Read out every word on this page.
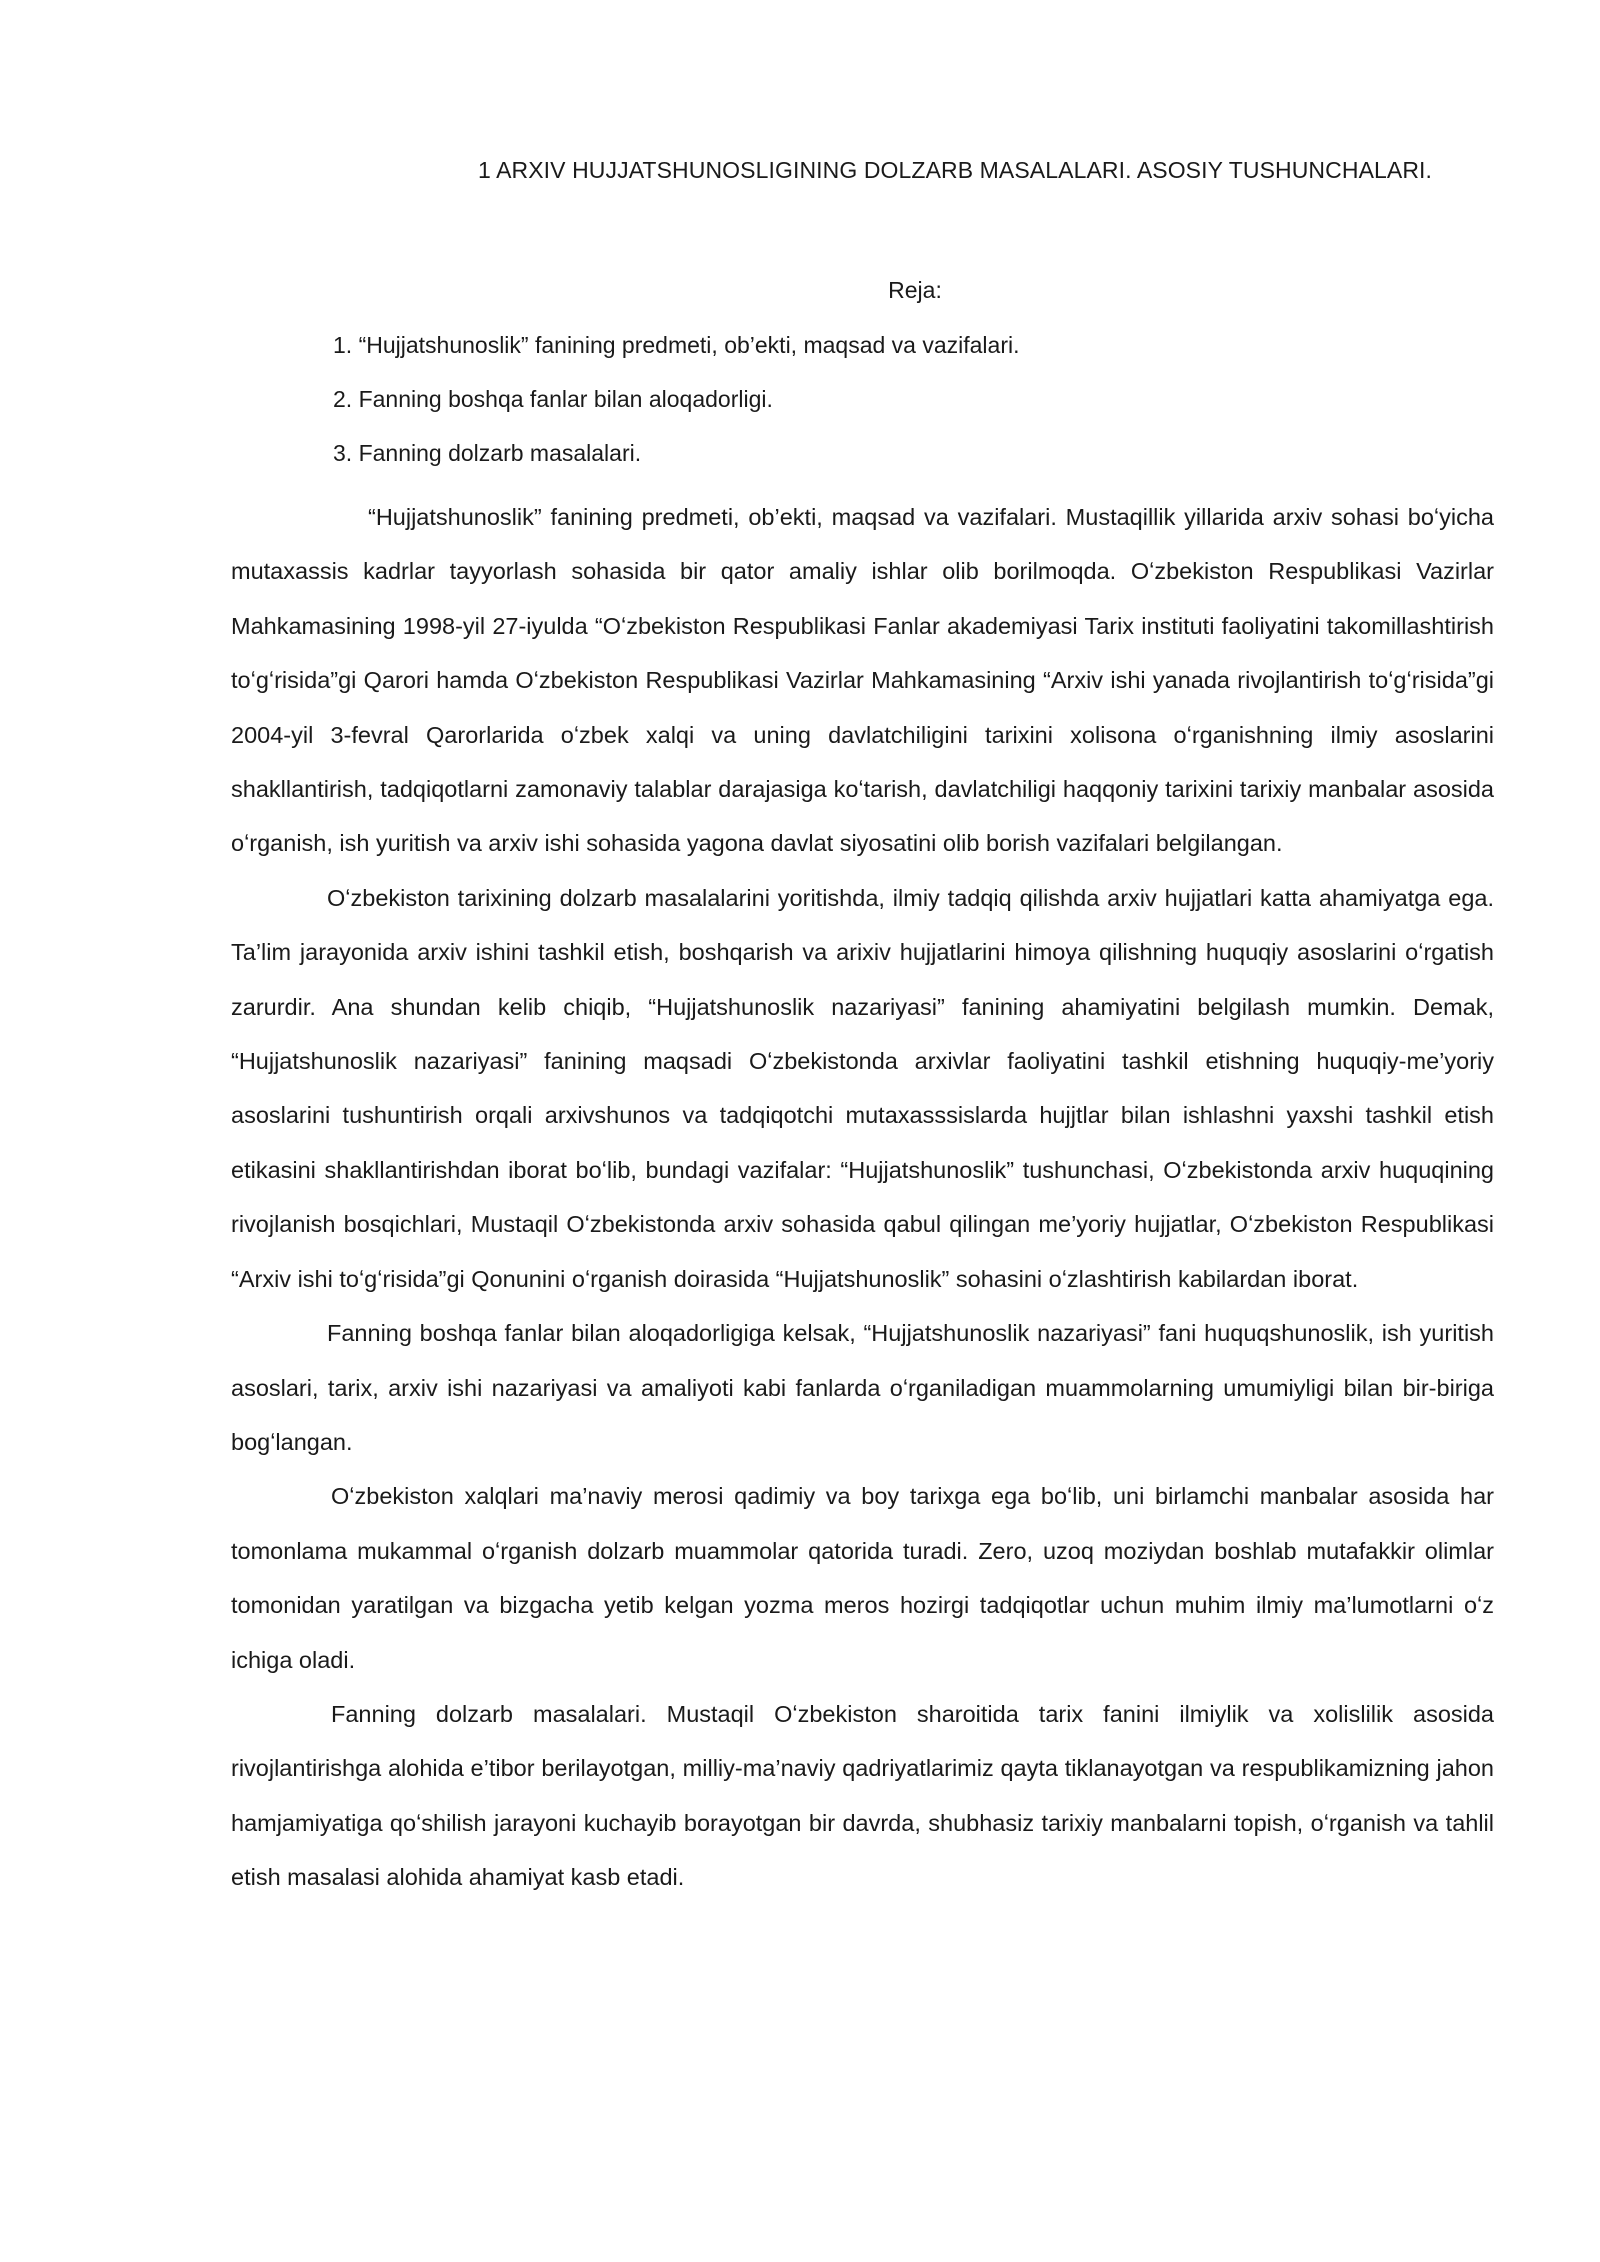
1 ARXIV HUJJATSHUNOSLIGINING DOLZARB MASALALARI. ASOSIY TUSHUNCHALARI.
Reja:
1. “Hujjatshunoslik” fanining predmeti, ob’ekti, maqsad va vazifalari.
2. Fanning boshqa fanlar bilan aloqadorligi.
3. Fanning dolzarb masalalari.

“Hujjatshunoslik” fanining predmeti, ob’ekti, maqsad va vazifalari. Mustaqillik yillarida arxiv sohasi boʻyicha mutaxassis kadrlar tayyorlash sohasida bir qator amaliy ishlar olib borilmoqda. Oʻzbekiston Respublikasi Vazirlar Mahkamasining 1998-yil 27-iyulda “Oʻzbekiston Respublikasi Fanlar akademiyasi Tarix instituti faoliyatini takomillashtirish toʻgʻrisida”gi Qarori hamda Oʻzbekiston Respublikasi Vazirlar Mahkamasining “Arxiv ishi yanada rivojlantirish toʻgʻrisida”gi 2004-yil 3-fevral Qarorlarida oʻzbek xalqi va uning davlatchiligini tarixini xolisona oʻrganishning ilmiy asoslarini shakllantirish, tadqiqotlarni zamonaviy talablar darajasiga koʻtarish, davlatchiligi haqqoniy tarixini tarixiy manbalar asosida oʻrganish, ish yuritish va arxiv ishi sohasida yagona davlat siyosatini olib borish vazifalari belgilangan.

Oʻzbekiston tarixining dolzarb masalalarini yoritishda, ilmiy tadqiq qilishda arxiv hujjatlari katta ahamiyatga ega. Ta’lim jarayonida arxiv ishini tashkil etish, boshqarish va arixiv hujjatlarini himoya qilishning huquqiy asoslarini oʻrgatish zarurdir. Ana shundan kelib chiqib, “Hujjatshunoslik nazariyasi” fanining ahamiyatini belgilash mumkin. Demak, “Hujjatshunoslik nazariyasi” fanining maqsadi Oʻzbekistonda arxivlar faoliyatini tashkil etishning huquqiy-me’yoriy asoslarini tushuntirish orqali arxivshunos va tadqiqotchi mutaxasssislarda hujjtlar bilan ishlashni yaxshi tashkil etish etikasini shakllantirishdan iborat boʻlib, bundagi vazifalar: “Hujjatshunoslik” tushunchasi, Oʻzbekistonda arxiv huquqining rivojlanish bosqichlari, Mustaqil Oʻzbekistonda arxiv sohasida qabul qilingan me’yoriy hujjatlar, Oʻzbekiston Respublikasi “Arxiv ishi toʻgʻrisida”gi Qonunini oʻrganish doirasida “Hujjatshunoslik” sohasini oʻzlashtirish kabilardan iborat.

Fanning boshqa fanlar bilan aloqadorligiga kelsak, “Hujjatshunoslik nazariyasi” fani huquqshunoslik, ish yuritish asoslari, tarix, arxiv ishi nazariyasi va amaliyoti kabi fanlarda oʻrganiladigan muammolarning umumiyligi bilan bir-biriga bogʻlangan.

Oʻzbekiston xalqlari ma’naviy merosi qadimiy va boy tarixga ega boʻlib, uni birlamchi manbalar asosida har tomonlama mukammal oʻrganish dolzarb muammolar qatorida turadi. Zero, uzoq moziydan boshlab mutafakkir olimlar tomonidan yaratilgan va bizgacha yetib kelgan yozma meros hozirgi tadqiqotlar uchun muhim ilmiy ma’lumotlarni oʻz ichiga oladi.

Fanning dolzarb masalalari. Mustaqil Oʻzbekiston sharoitida tarix fanini ilmiylik va xolislilik asosida rivojlantirishga alohida e’tibor berilayotgan, milliy-ma’naviy qadriyatlarimiz qayta tiklanayotgan va respublikamizning jahon hamjamiyatiga qoʻshilish jarayoni kuchayib borayotgan bir davrda, shubhasiz tarixiy manbalarni topish, oʻrganish va tahlil etish masalasi alohida ahamiyat kasb etadi.
